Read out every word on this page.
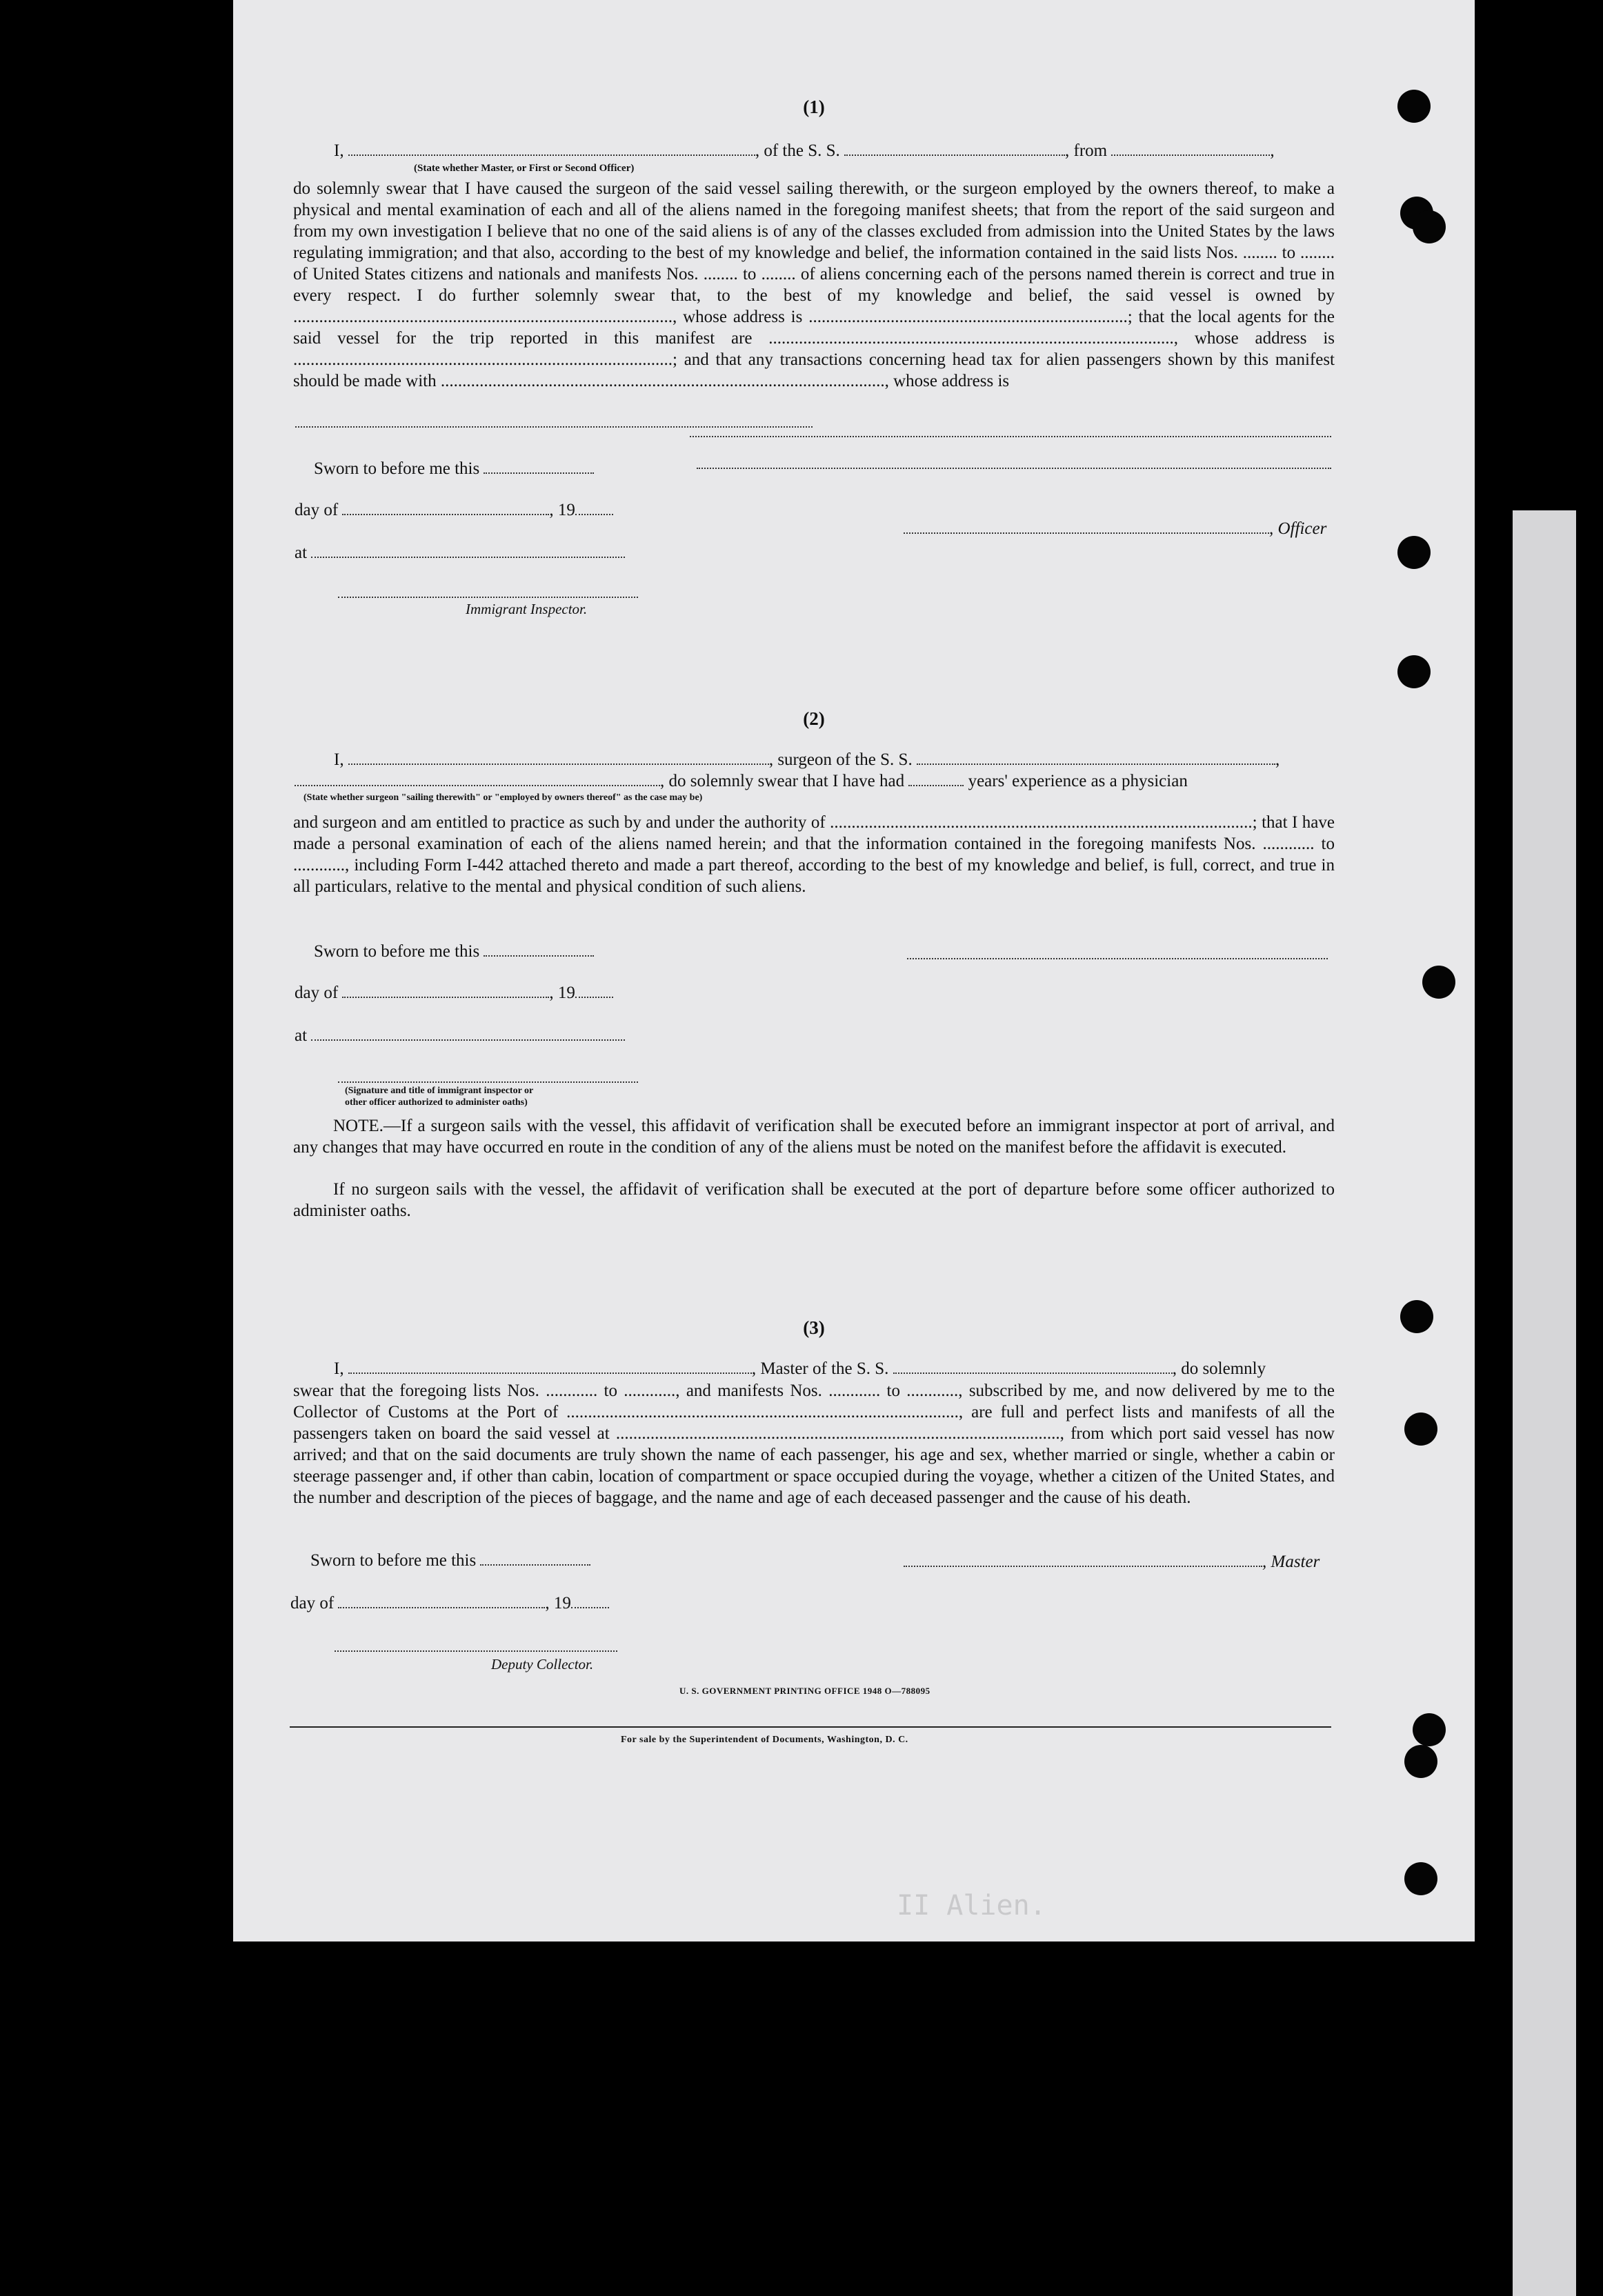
II Alien.
(1)
I,	, of the S. S.	, from	,
(State whether Master, or First or Second Officer)
do solemnly swear that I have caused the surgeon of the said vessel sailing therewith, or the surgeon employed by the owners thereof, to make a physical and mental examination of each and all of the aliens named in the foregoing manifest sheets; that from the report of the said surgeon and from my own investigation I believe that no one of the said aliens is of any of the classes excluded from admission into the United States by the laws regulating immigration; and that also, according to the best of my knowledge and belief, the information contained in the said lists Nos. ........ to ........ of United States citizens and nationals and manifests Nos. ........ to ........ of aliens concerning each of the persons named therein is correct and true in every respect. I do further solemnly swear that, to the best of my knowledge and belief, the said vessel is owned by ........................................................................................, whose address is ..........................................................................; that the local agents for the said vessel for the trip reported in this manifest are .............................................................................................., whose address is ........................................................................................; and that any transactions concerning head tax for alien passengers shown by this manifest should be made with ......................................................................................................., whose address is
Sworn to before me this
day of	, 19
at
Immigrant Inspector.
, Officer
(2)
I,	, surgeon of the S. S.	,
, do solemnly swear that I have had	years' experience as a physician
(State whether surgeon "sailing therewith" or "employed by owners thereof" as the case may be)
and surgeon and am entitled to practice as such by and under the authority of ..................................................................................................; that I have made a personal examination of each of the aliens named herein; and that the information contained in the foregoing manifests Nos. ............ to ............, including Form I-442 attached thereto and made a part thereof, according to the best of my knowledge and belief, is full, correct, and true in all particulars, relative to the mental and physical condition of such aliens.
Sworn to before me this
day of	, 19
at
(Signature and title of immigrant inspector or
other officer authorized to administer oaths)
NOTE.—If a surgeon sails with the vessel, this affidavit of verification shall be executed before an immigrant inspector at port of arrival, and any changes that may have occurred en route in the condition of any of the aliens must be noted on the manifest before the affidavit is executed.
If no surgeon sails with the vessel, the affidavit of verification shall be executed at the port of departure before some officer authorized to administer oaths.
(3)
I,	, Master of the S. S.	, do solemnly
swear that the foregoing lists Nos. ............ to ............, and manifests Nos. ............ to ............, subscribed by me, and now delivered by me to the Collector of Customs at the Port of ..........................................................................................., are full and perfect lists and manifests of all the passengers taken on board the said vessel at ......................................................................................................., from which port said vessel has now arrived; and that on the said documents are truly shown the name of each passenger, his age and sex, whether married or single, whether a cabin or steerage passenger and, if other than cabin, location of compartment or space occupied during the voyage, whether a citizen of the United States, and the number and description of the pieces of baggage, and the name and age of each deceased passenger and the cause of his death.
Sworn to before me this	, Master
day of	, 19
Deputy Collector.
U. S. GOVERNMENT PRINTING OFFICE 1948 O—788095
For sale by the Superintendent of Documents, Washington, D. C.
